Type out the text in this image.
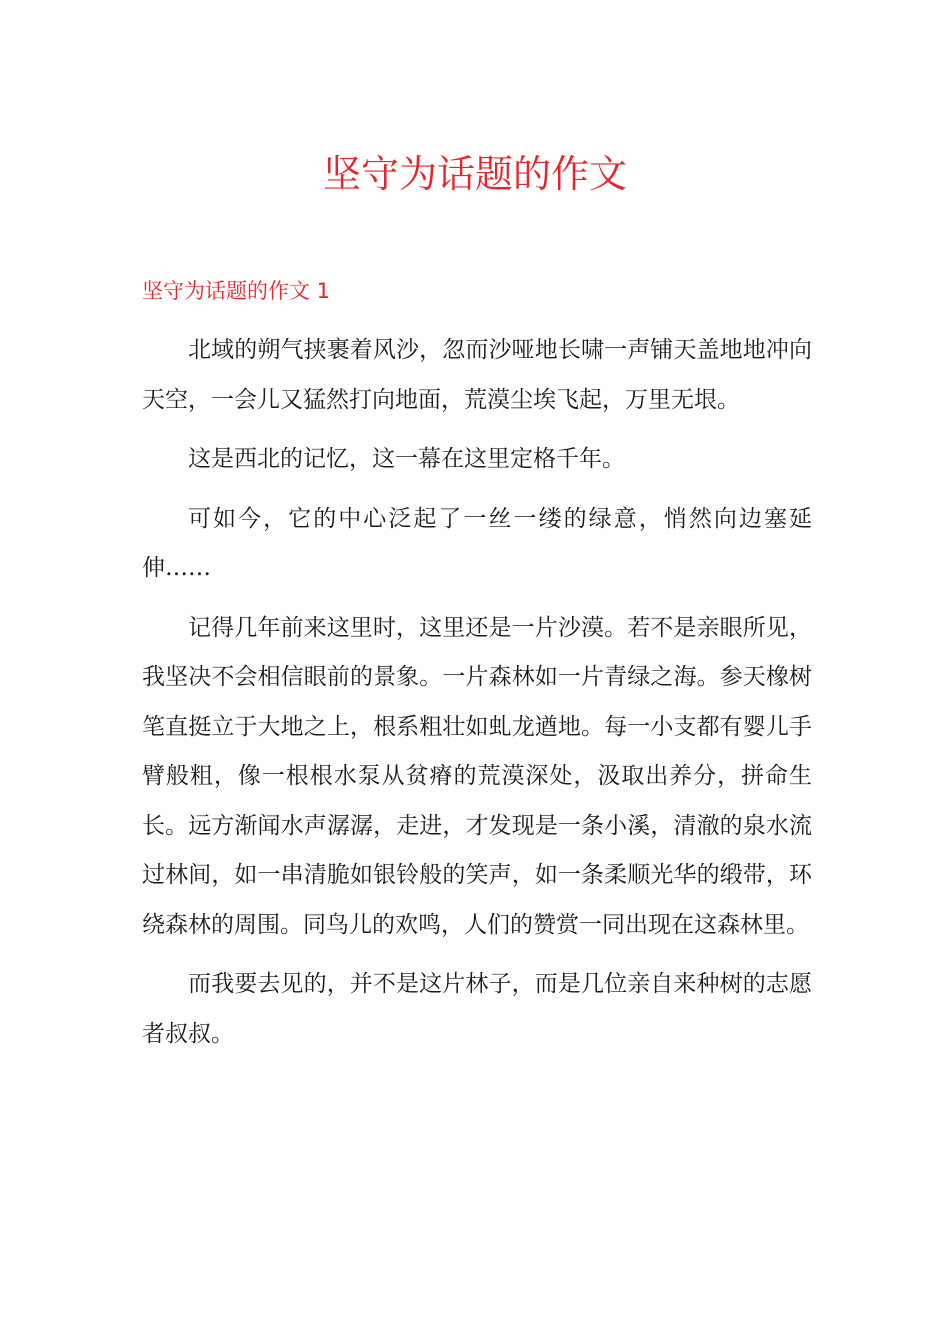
坚守为话题的作文
坚守为话题的作文 1

北域的朔气挟裹着风沙，忽而沙哑地长啸一声铺天盖地地冲向天空，一会儿又猛然打向地面，荒漠尘埃飞起，万里无垠。

这是西北的记忆，这一幕在这里定格千年。

可如今，它的中心泛起了一丝一缕的绿意，悄然向边塞延伸……

记得几年前来这里时，这里还是一片沙漠。若不是亲眼所见，我坚决不会相信眼前的景象。一片森林如一片青绿之海。参天橡树笔直挺立于大地之上，根系粗壮如虬龙遒地。每一小支都有婴儿手臂般粗，像一根根水泵从贫瘠的荒漠深处，汲取出养分，拼命生长。远方渐闻水声潺潺，走进，才发现是一条小溪，清澈的泉水流过林间，如一串清脆如银铃般的笑声，如一条柔顺光华的缎带，环绕森林的周围。同鸟儿的欢鸣，人们的赞赏一同出现在这森林里。

而我要去见的，并不是这片林子，而是几位亲自来种树的志愿者叔叔。
